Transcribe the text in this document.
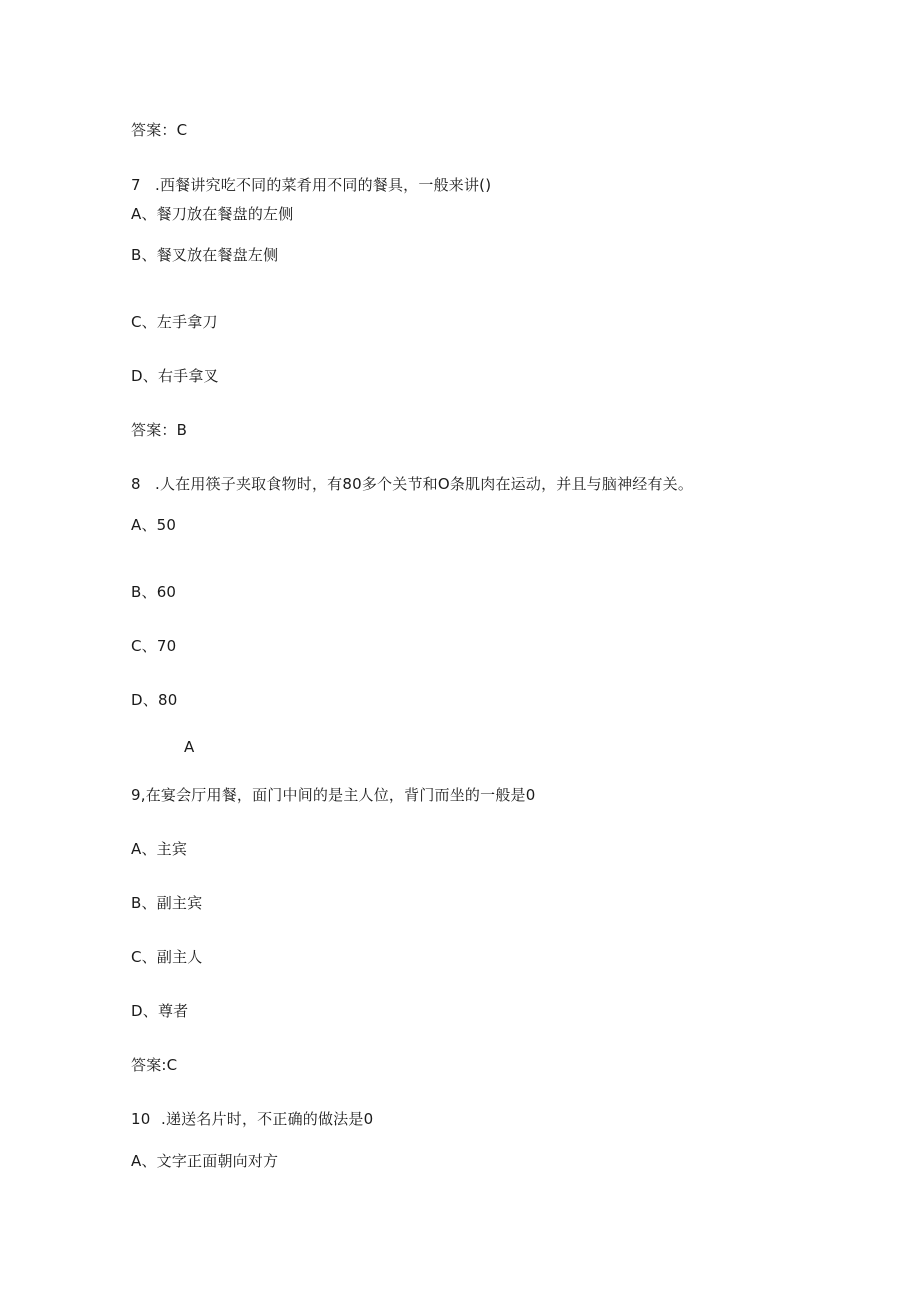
答案：C
7 .西餐讲究吃不同的菜肴用不同的餐具，一般来讲()
A、餐刀放在餐盘的左侧
B、餐叉放在餐盘左侧
C、左手拿刀
D、右手拿叉
答案：B
8 .人在用筷子夹取食物时，有80多个关节和O条肌肉在运动，并且与脑神经有关。
A、50
B、60
C、70
D、80
A
9,在宴会厅用餐，面门中间的是主人位，背门而坐的一般是0
A、主宾
B、副主宾
C、副主人
D、尊者
答案:C
10 .递送名片时，不正确的做法是0
A、文字正面朝向对方
